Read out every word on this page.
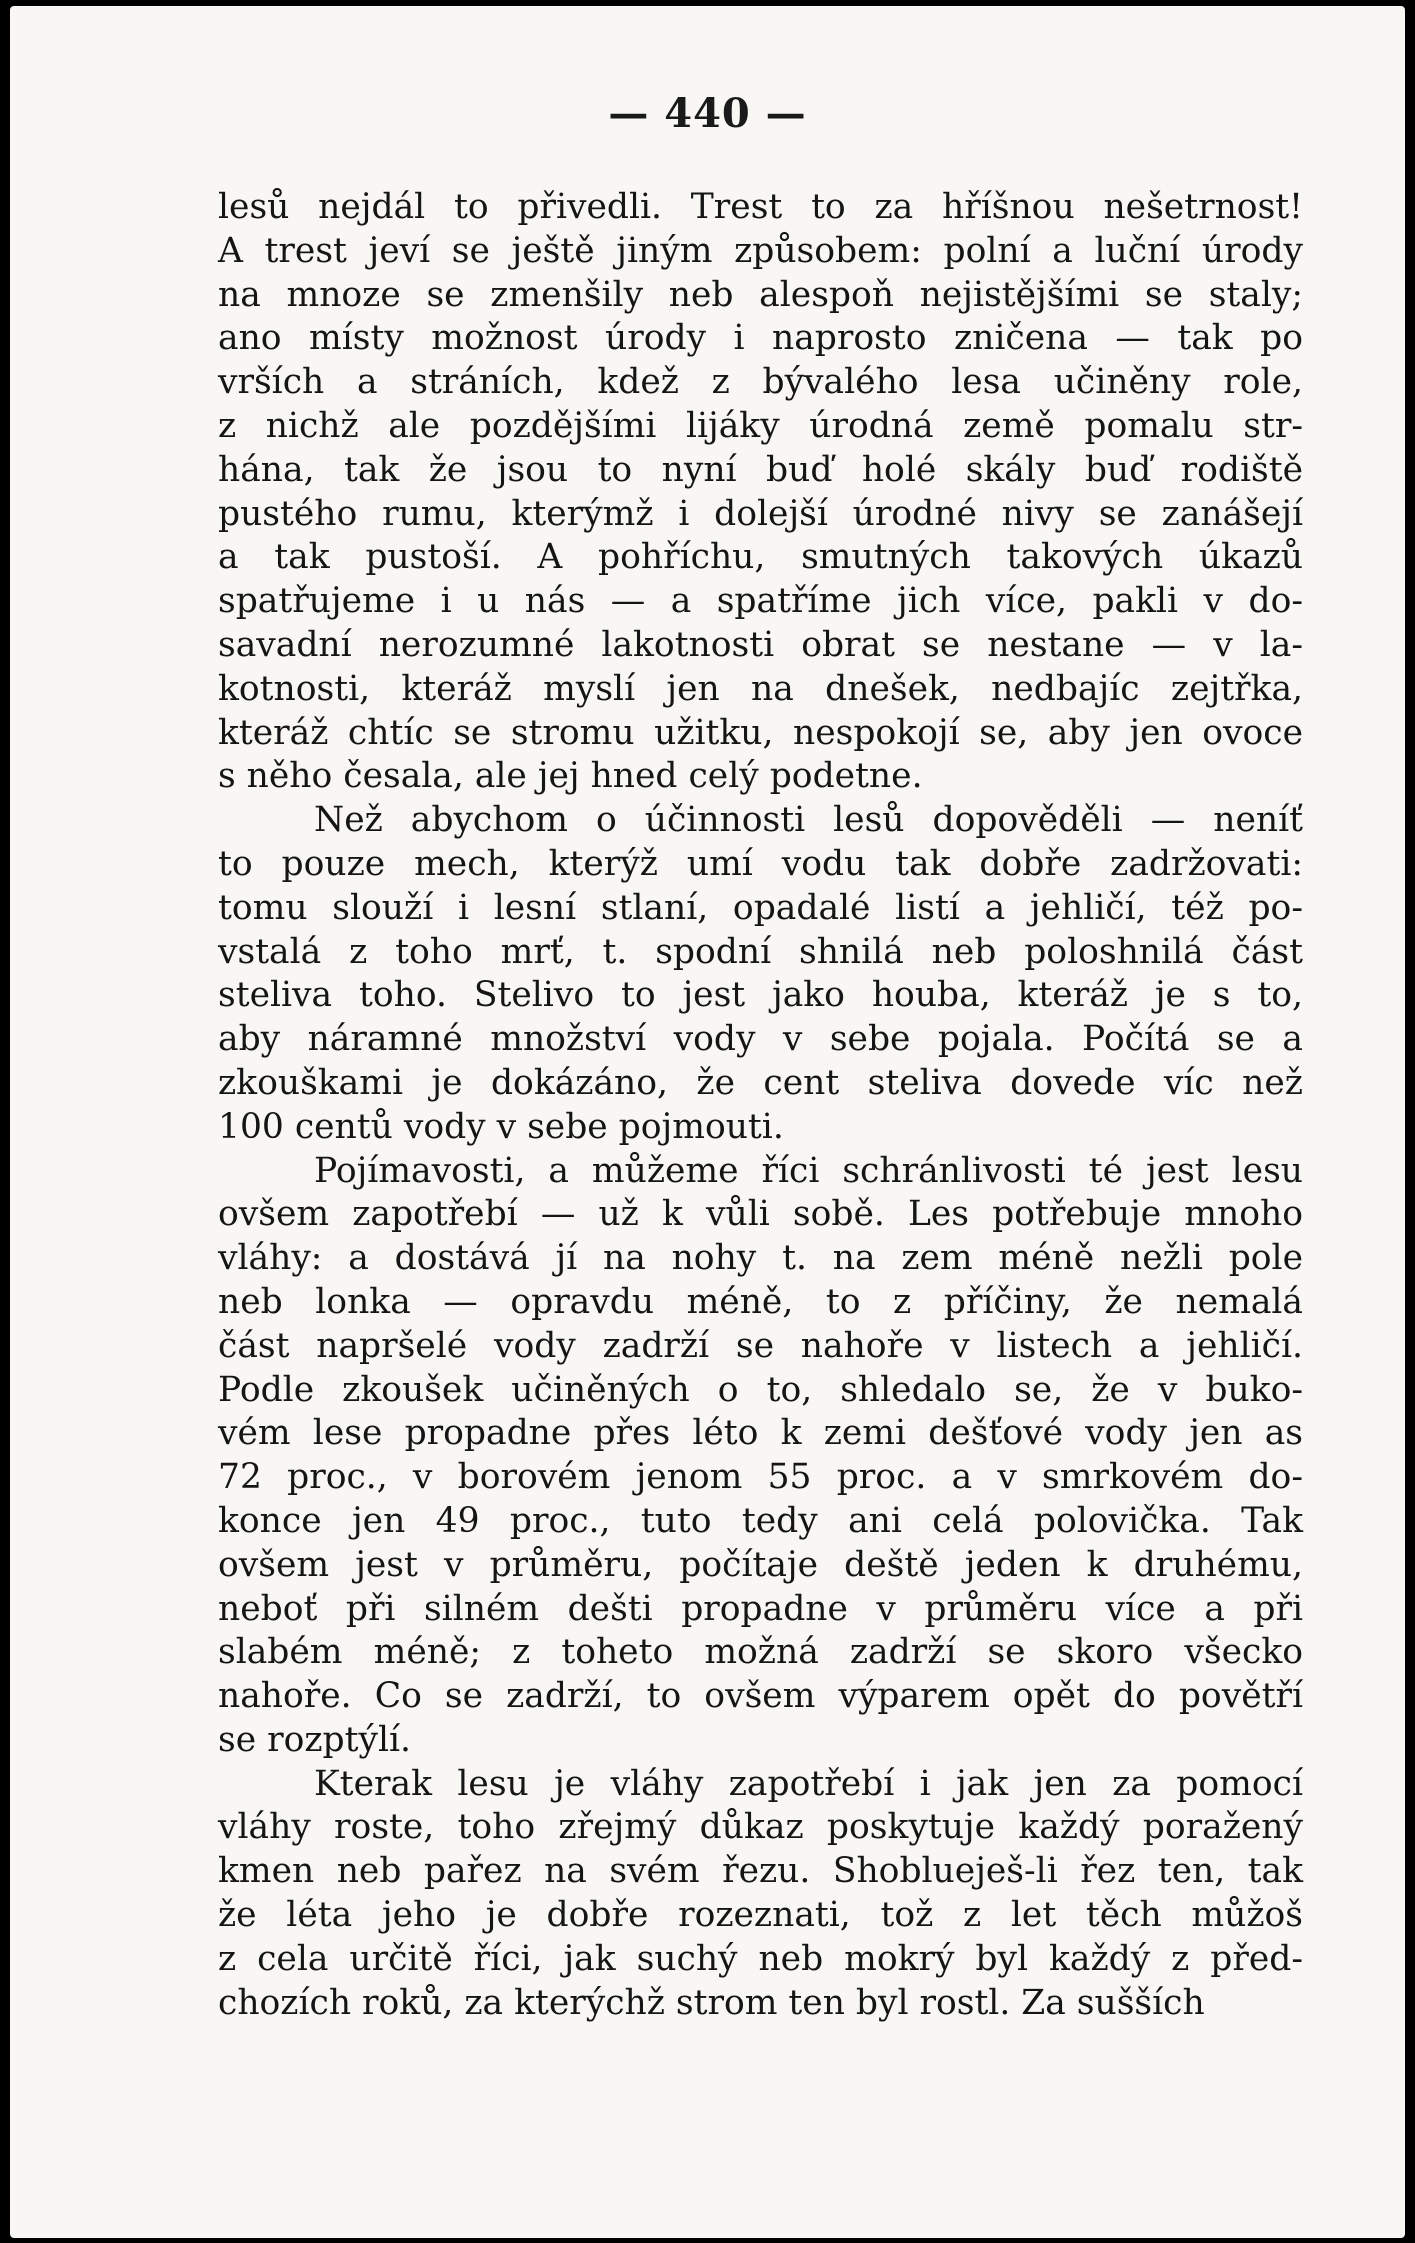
— 440 —
lesů nejdál to přivedli. Trest to za hříšnou nešetrnost!
A trest jeví se ještě jiným způsobem: polní a luční úrody
na mnoze se zmenšily neb alespoň nejistějšími se staly;
ano místy možnost úrody i naprosto zničena — tak po
vrších a stráních, kdež z bývalého lesa učiněny role,
z nichž ale pozdějšími lijáky úrodná země pomalu str-
hána, tak že jsou to nyní buď holé skály buď rodiště
pustého rumu, kterýmž i dolejší úrodné nivy se zanášejí
a tak pustoší. A pohříchu, smutných takových úkazů
spatřujeme i u nás — a spatříme jich více, pakli v do-
savadní nerozumné lakotnosti obrat se nestane — v la-
kotnosti, kteráž myslí jen na dnešek, nedbajíc zejtřka,
kteráž chtíc se stromu užitku, nespokojí se, aby jen ovoce
s něho česala, ale jej hned celý podetne.
Než abychom o účinnosti lesů dopověděli — neníť
to pouze mech, kterýž umí vodu tak dobře zadržovati:
tomu slouží i lesní stlaní, opadalé listí a jehličí, též po-
vstalá z toho mrť, t. spodní shnilá neb poloshnilá část
steliva toho. Stelivo to jest jako houba, kteráž je s to,
aby náramné množství vody v sebe pojala. Počítá se a
zkouškami je dokázáno, že cent steliva dovede víc než
100 centů vody v sebe pojmouti.
Pojímavosti, a můžeme říci schránlivosti té jest lesu
ovšem zapotřebí — už k vůli sobě. Les potřebuje mnoho
vláhy: a dostává jí na nohy t. na zem méně nežli pole
neb lonka — opravdu méně, to z příčiny, že nemalá
část napršelé vody zadrží se nahoře v listech a jehličí.
Podle zkoušek učiněných o to, shledalo se, že v buko-
vém lese propadne přes léto k zemi dešťové vody jen as
72 proc., v borovém jenom 55 proc. a v smrkovém do-
konce jen 49 proc., tuto tedy ani celá polovička. Tak
ovšem jest v průměru, počítaje deště jeden k druhému,
neboť při silném dešti propadne v průměru více a při
slabém méně; z toheto možná zadrží se skoro všecko
nahoře. Co se zadrží, to ovšem výparem opět do povětří
se rozptýlí.
Kterak lesu je vláhy zapotřebí i jak jen za pomocí
vláhy roste, toho zřejmý důkaz poskytuje každý poražený
kmen neb pařez na svém řezu. Shoblueješ-li řez ten, tak
že léta jeho je dobře rozeznati, tož z let těch můžoš
z cela určitě říci, jak suchý neb mokrý byl každý z před-
chozích roků, za kterýchž strom ten byl rostl. Za sušších
